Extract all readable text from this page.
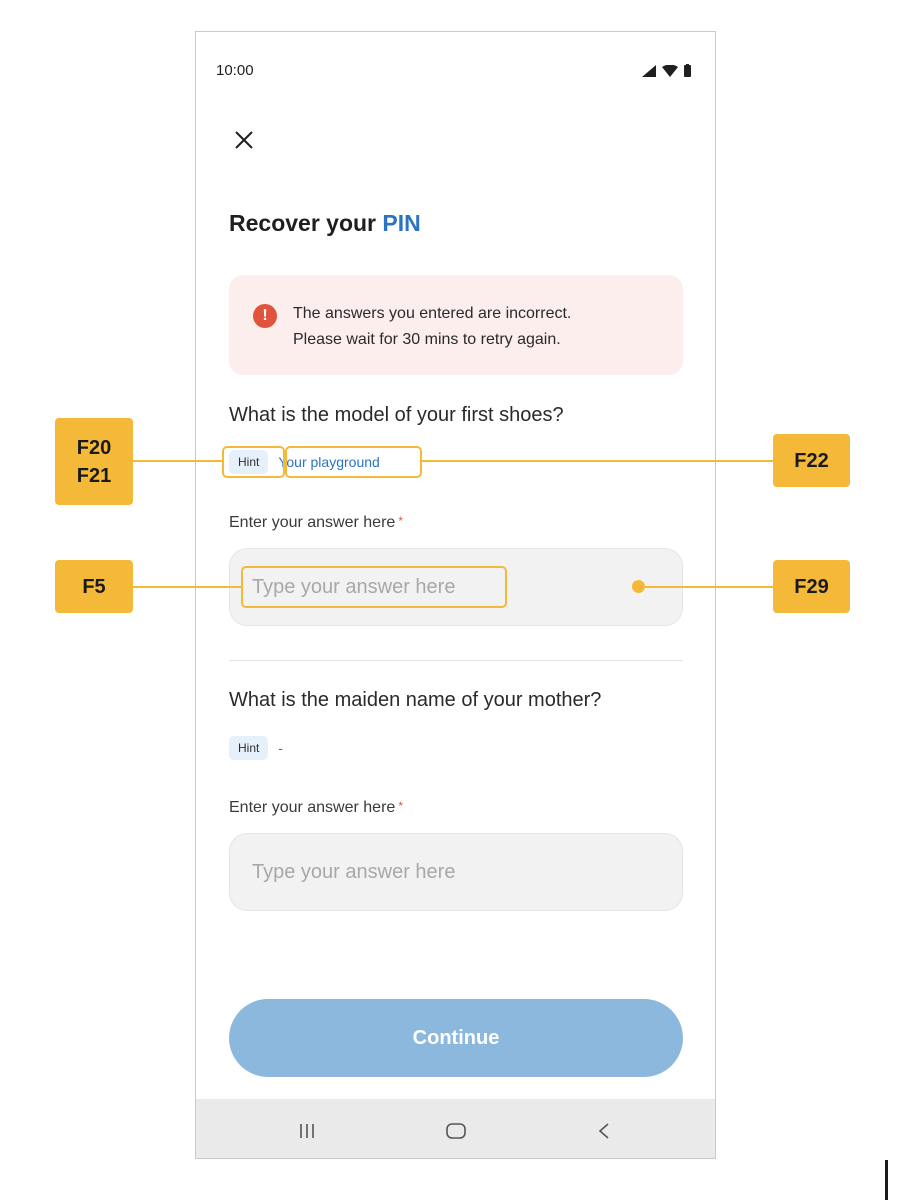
10:00
Recover your PIN
!	The answers you entered are incorrect.
Please wait for 30 mins to retry again.
What is the model of your first shoes?
Hint	Your playground
Enter your answer here *
Type your answer here
What is the maiden name of your mother?
Hint	-
Enter your answer here *
Type your answer here
Continue
F20
F21
F22
F5	F29
